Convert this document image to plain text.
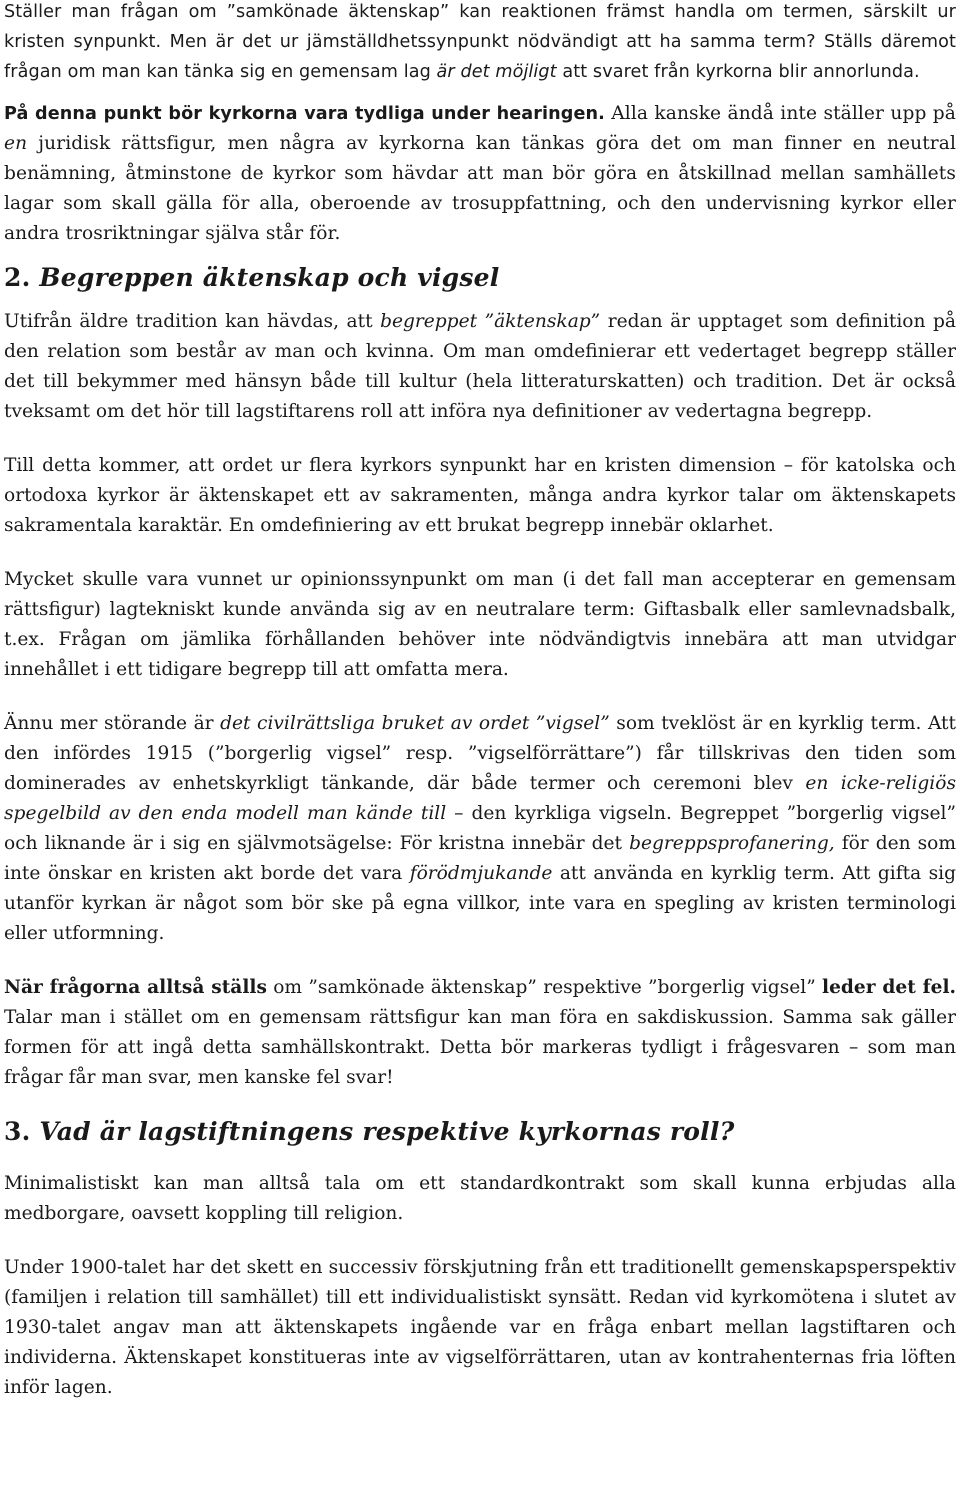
Ställer man frågan om ”samkönade äktenskap” kan reaktionen främst handla om termen, särskilt ur kristen synpunkt. Men är det ur jämställdhetssynpunkt nödvändigt att ha samma term? Ställs däremot frågan om man kan tänka sig en gemensam lag är det möjligt att svaret från kyrkorna blir annorlunda.

På denna punkt bör kyrkorna vara tydliga under hearingen. Alla kanske ändå inte ställer upp på en juridisk rättsfigur, men några av kyrkorna kan tänkas göra det om man finner en neutral benämning, åtminstone de kyrkor som hävdar att man bör göra en åtskillnad mellan samhällets lagar som skall gälla för alla, oberoende av trosuppfattning, och den undervisning kyrkor eller andra trosriktningar själva står för.

2. Begreppen äktenskap och vigsel

Utifrån äldre tradition kan hävdas, att begreppet ”äktenskap” redan är upptaget som definition på den relation som består av man och kvinna. Om man omdefinierar ett vedertaget begrepp ställer det till bekymmer med hänsyn både till kultur (hela litteraturskatten) och tradition. Det är också tveksamt om det hör till lagstiftarens roll att införa nya definitioner av vedertagna begrepp.

Till detta kommer, att ordet ur flera kyrkors synpunkt har en kristen dimension – för katolska och ortodoxa kyrkor är äktenskapet ett av sakramenten, många andra kyrkor talar om äktenskapets sakramentala karaktär. En omdefiniering av ett brukat begrepp innebär oklarhet.

Mycket skulle vara vunnet ur opinionssynpunkt om man (i det fall man accepterar en gemensam rättsfigur) lagtekniskt kunde använda sig av en neutralare term: Giftasbalk eller samlevnadsbalk, t.ex. Frågan om jämlika förhållanden behöver inte nödvändigtvis innebära att man utvidgar innehållet i ett tidigare begrepp till att omfatta mera.

Ännu mer störande är det civilrättsliga bruket av ordet ”vigsel” som tveklöst är en kyrklig term. Att den infördes 1915 (”borgerlig vigsel” resp. ”vigselförrättare”) får tillskrivas den tiden som dominerades av enhetskyrkligt tänkande, där både termer och ceremoni blev en icke-religiös spegelbild av den enda modell man kände till – den kyrkliga vigseln. Begreppet ”borgerlig vigsel” och liknande är i sig en självmotsägelse: För kristna innebär det begreppsprofanering, för den som inte önskar en kristen akt borde det vara förödmjukande att använda en kyrklig term. Att gifta sig utanför kyrkan är något som bör ske på egna villkor, inte vara en spegling av kristen terminologi eller utformning.

När frågorna alltså ställs om ”samkönade äktenskap” respektive ”borgerlig vigsel” leder det fel. Talar man i stället om en gemensam rättsfigur kan man föra en sakdiskussion. Samma sak gäller formen för att ingå detta samhällskontrakt. Detta bör markeras tydligt i frågesvaren – som man frågar får man svar, men kanske fel svar!

3. Vad är lagstiftningens respektive kyrkornas roll?

Minimalistiskt kan man alltså tala om ett standardkontrakt som skall kunna erbjudas alla medborgare, oavsett koppling till religion.

Under 1900-talet har det skett en successiv förskjutning från ett traditionellt gemenskapsperspektiv (familjen i relation till samhället) till ett individualistiskt synsätt. Redan vid kyrkomötena i slutet av 1930-talet angav man att äktenskapets ingående var en fråga enbart mellan lagstiftaren och individerna. Äktenskapet konstitueras inte av vigselförrättaren, utan av kontrahenternas fria löften inför lagen.
